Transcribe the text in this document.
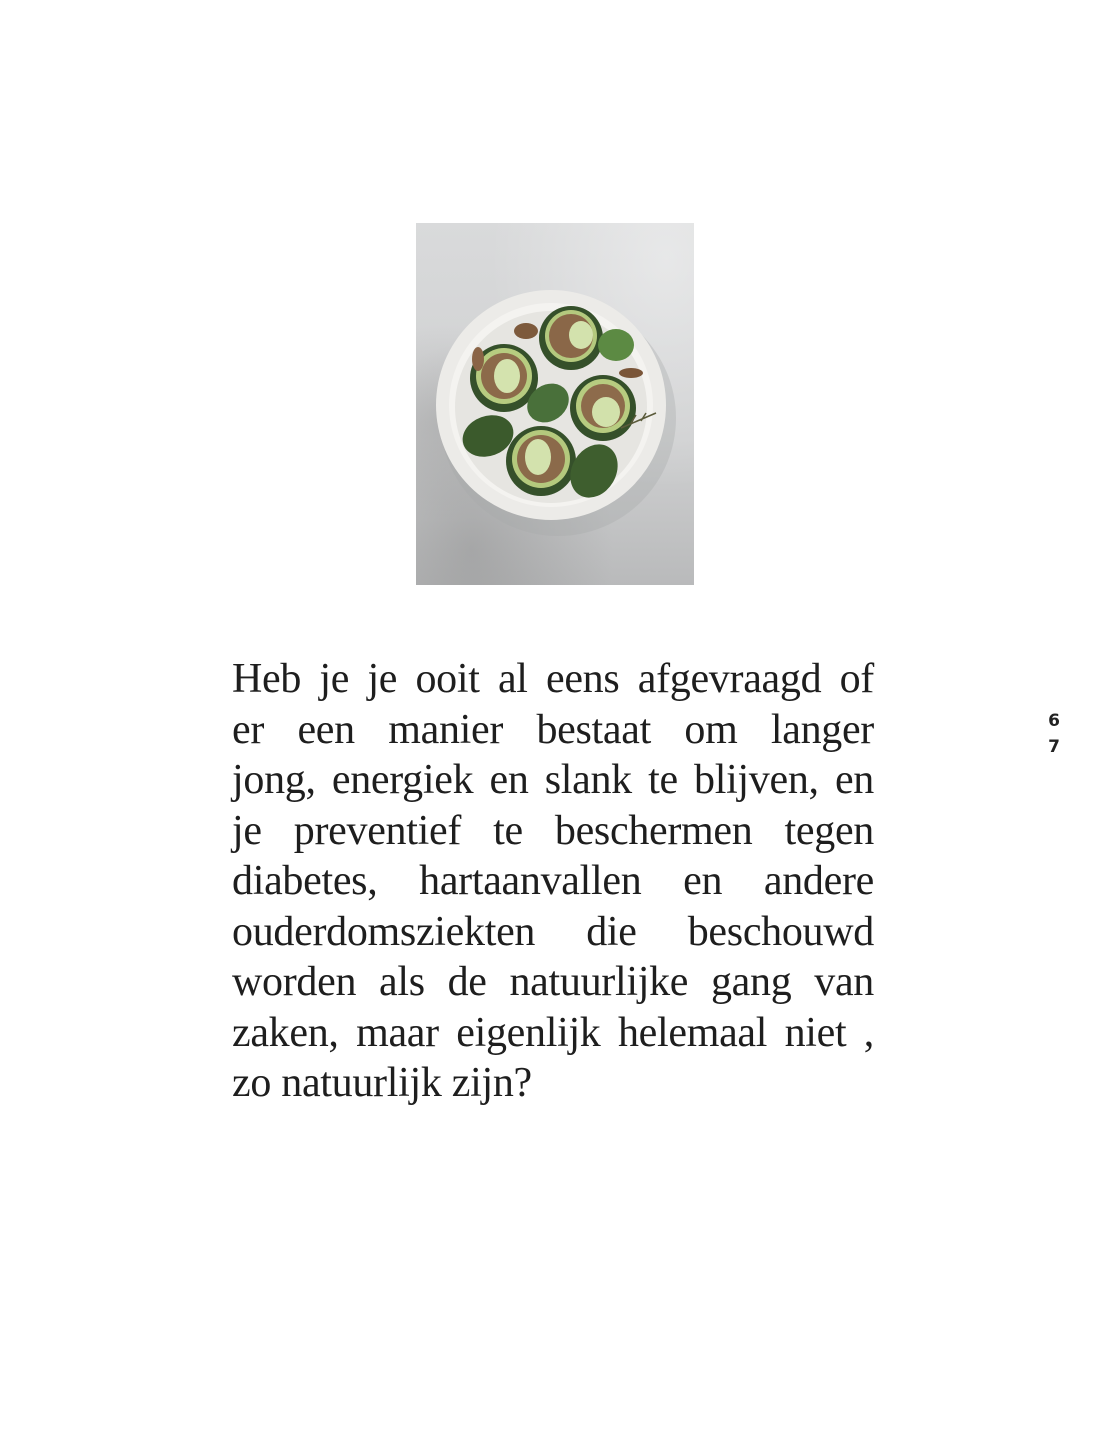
Heb je je ooit al eens afgevraagd of
er een manier bestaat om langer
jong, energiek en slank te blijven, en
je preventief te beschermen tegen
diabetes, hartaanvallen en andere
ouderdomsziekten die beschouwd
worden als de natuurlijke gang van
zaken, maar eigenlijk helemaal niet ,
zo natuurlijk zijn?

6
7
